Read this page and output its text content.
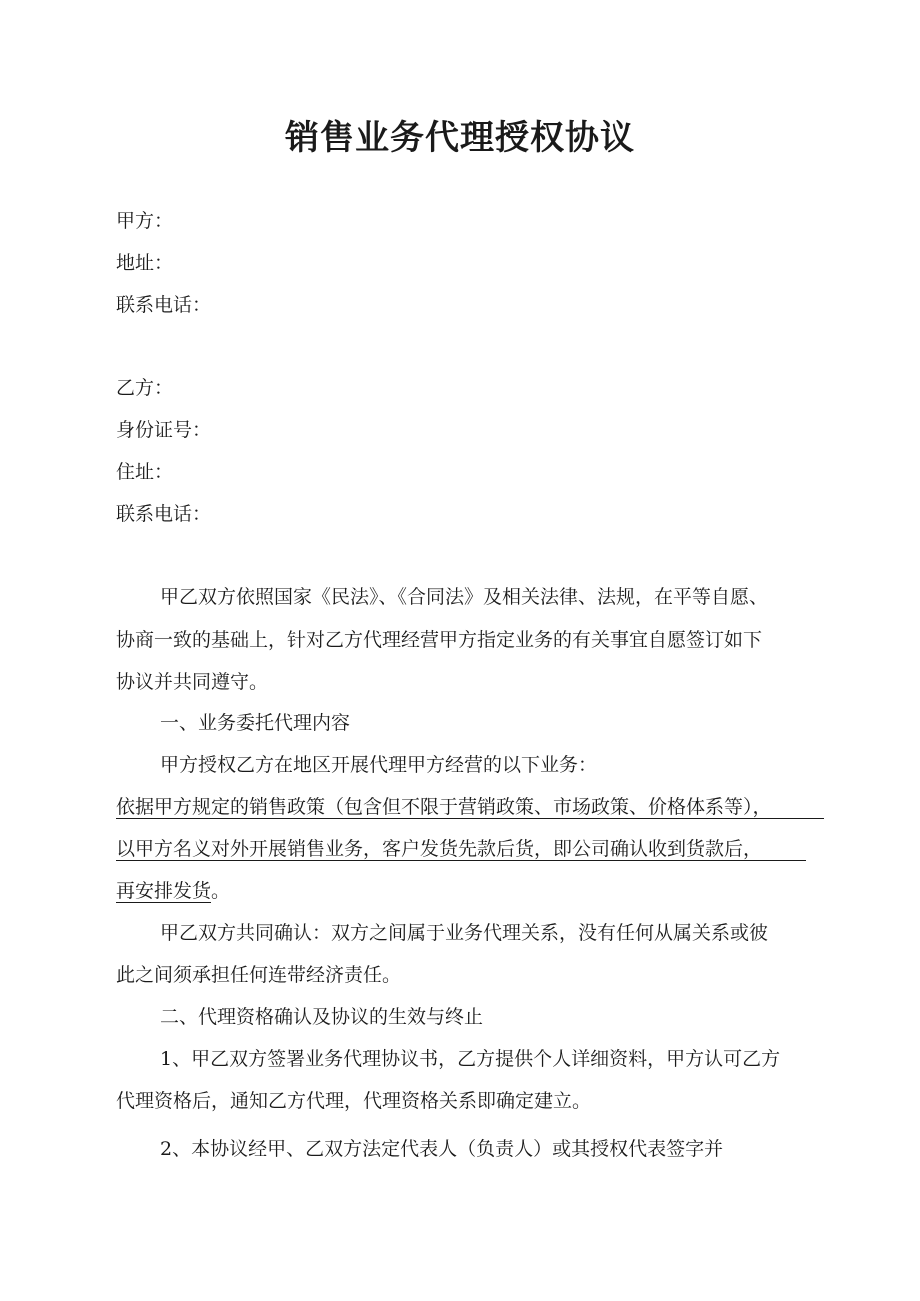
销售业务代理授权协议
甲方：
地址：
联系电话：
乙方：
身份证号：
住址：
联系电话：
甲乙双方依照国家《民法》、《合同法》及相关法律、法规，在平等自愿、
协商一致的基础上，针对乙方代理经营甲方指定业务的有关事宜自愿签订如下
协议并共同遵守。
一、业务委托代理内容
甲方授权乙方在地区开展代理甲方经营的以下业务：
依据甲方规定的销售政策（包含但不限于营销政策、市场政策、价格体系等），
以甲方名义对外开展销售业务，客户发货先款后货，即公司确认收到货款后，
再安排发货。
甲乙双方共同确认：双方之间属于业务代理关系，没有任何从属关系或彼
此之间须承担任何连带经济责任。
二、代理资格确认及协议的生效与终止
1、甲乙双方签署业务代理协议书，乙方提供个人详细资料，甲方认可乙方
代理资格后，通知乙方代理，代理资格关系即确定建立。
2、本协议经甲、乙双方法定代表人（负责人）或其授权代表签字并
